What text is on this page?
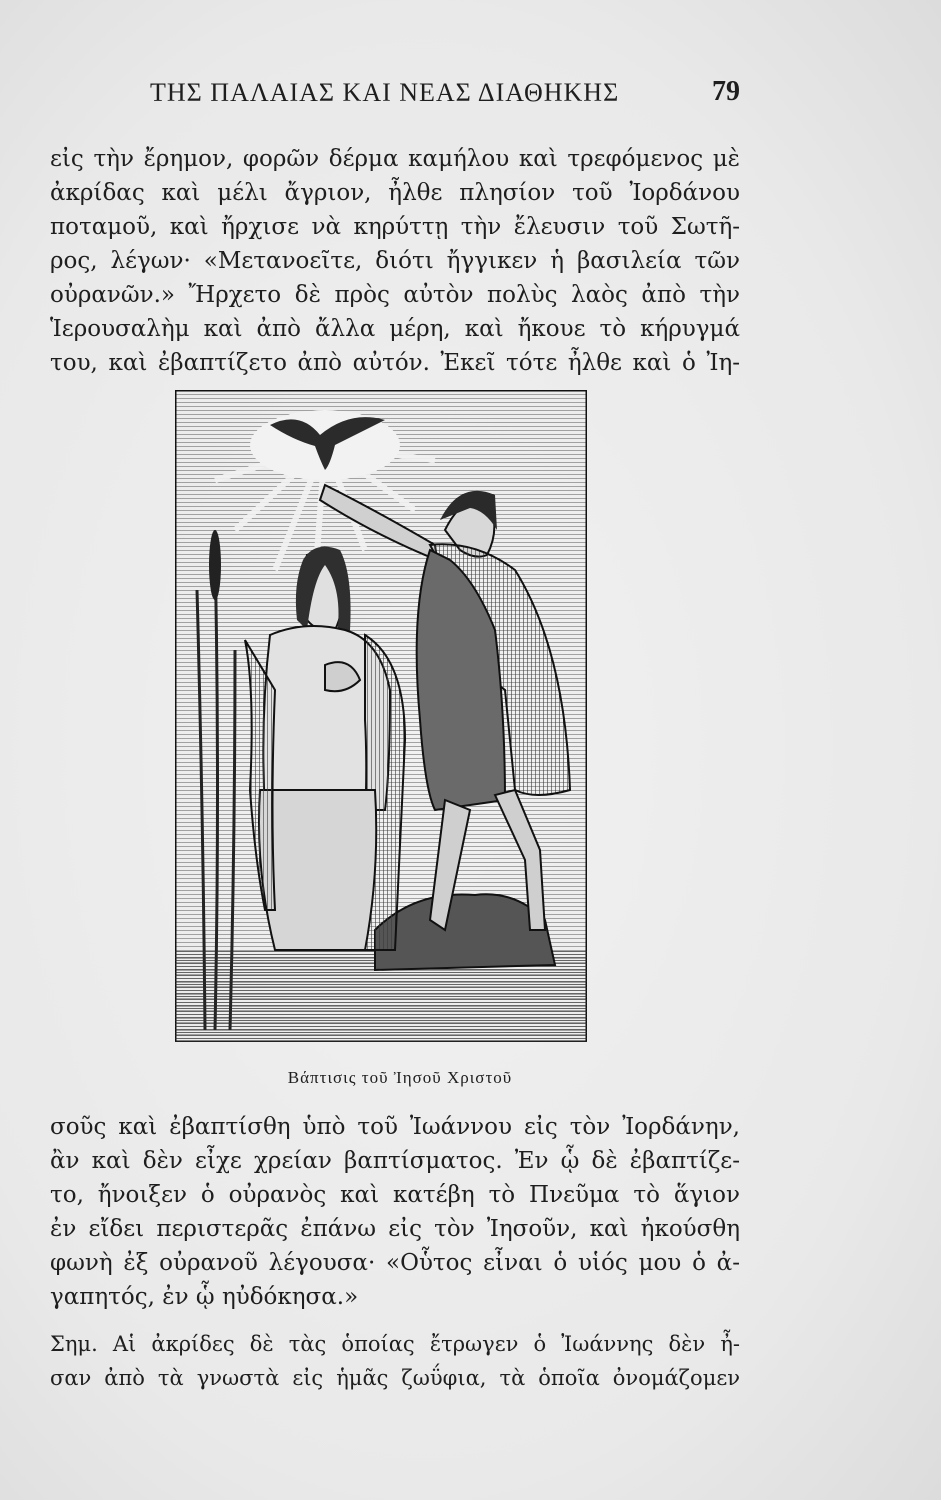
ΤΗΣ ΠΑΛΑΙΑΣ ΚΑΙ ΝΕΑΣ ΔΙΑΘΗΚΗΣ	79
εἰς τὴν ἔρημον, φορῶν δέρμα καμήλου καὶ τρεφόμενος μὲ
ἀκρίδας καὶ μέλι ἄγριον, ἦλθε πλησίον τοῦ Ἰορδάνου
ποταμοῦ, καὶ ἤρχισε νὰ κηρύττῃ τὴν ἔλευσιν τοῦ Σωτῆ-
ρος, λέγων· «Μετανοεῖτε, διότι ἤγγικεν ἡ βασιλεία τῶν
οὐρανῶν.» Ἤρχετο δὲ πρὸς αὐτὸν πολὺς λαὸς ἀπὸ τὴν
Ἱερουσαλὴμ καὶ ἀπὸ ἄλλα μέρη, καὶ ἤκουε τὸ κήρυγμά
του, καὶ ἐβαπτίζετο ἀπὸ αὐτόν. Ἐκεῖ τότε ἦλθε καὶ ὁ Ἰη-
Βάπτισις τοῦ Ἰησοῦ Χριστοῦ
σοῦς καὶ ἐβαπτίσθη ὑπὸ τοῦ Ἰωάννου εἰς τὸν Ἰορδάνην,
ἂν καὶ δὲν εἶχε χρείαν βαπτίσματος. Ἐν ᾧ δὲ ἐβαπτίζε-
το, ἤνοιξεν ὁ οὐρανὸς καὶ κατέβη τὸ Πνεῦμα τὸ ἅγιον
ἐν εἴδει περιστερᾶς ἐπάνω εἰς τὸν Ἰησοῦν, καὶ ἠκούσθη
φωνὴ ἐξ οὐρανοῦ λέγουσα· «Οὗτος εἶναι ὁ υἱός μου ὁ ἀ-
γαπητός, ἐν ᾧ ηὐδόκησα.»
Σημ. Αἱ ἀκρίδες δὲ τὰς ὁποίας ἔτρωγεν ὁ Ἰωάννης δὲν ἦ-
σαν ἀπὸ τὰ γνωστὰ εἰς ἡμᾶς ζωΰφια, τὰ ὁποῖα ὀνομάζομεν
